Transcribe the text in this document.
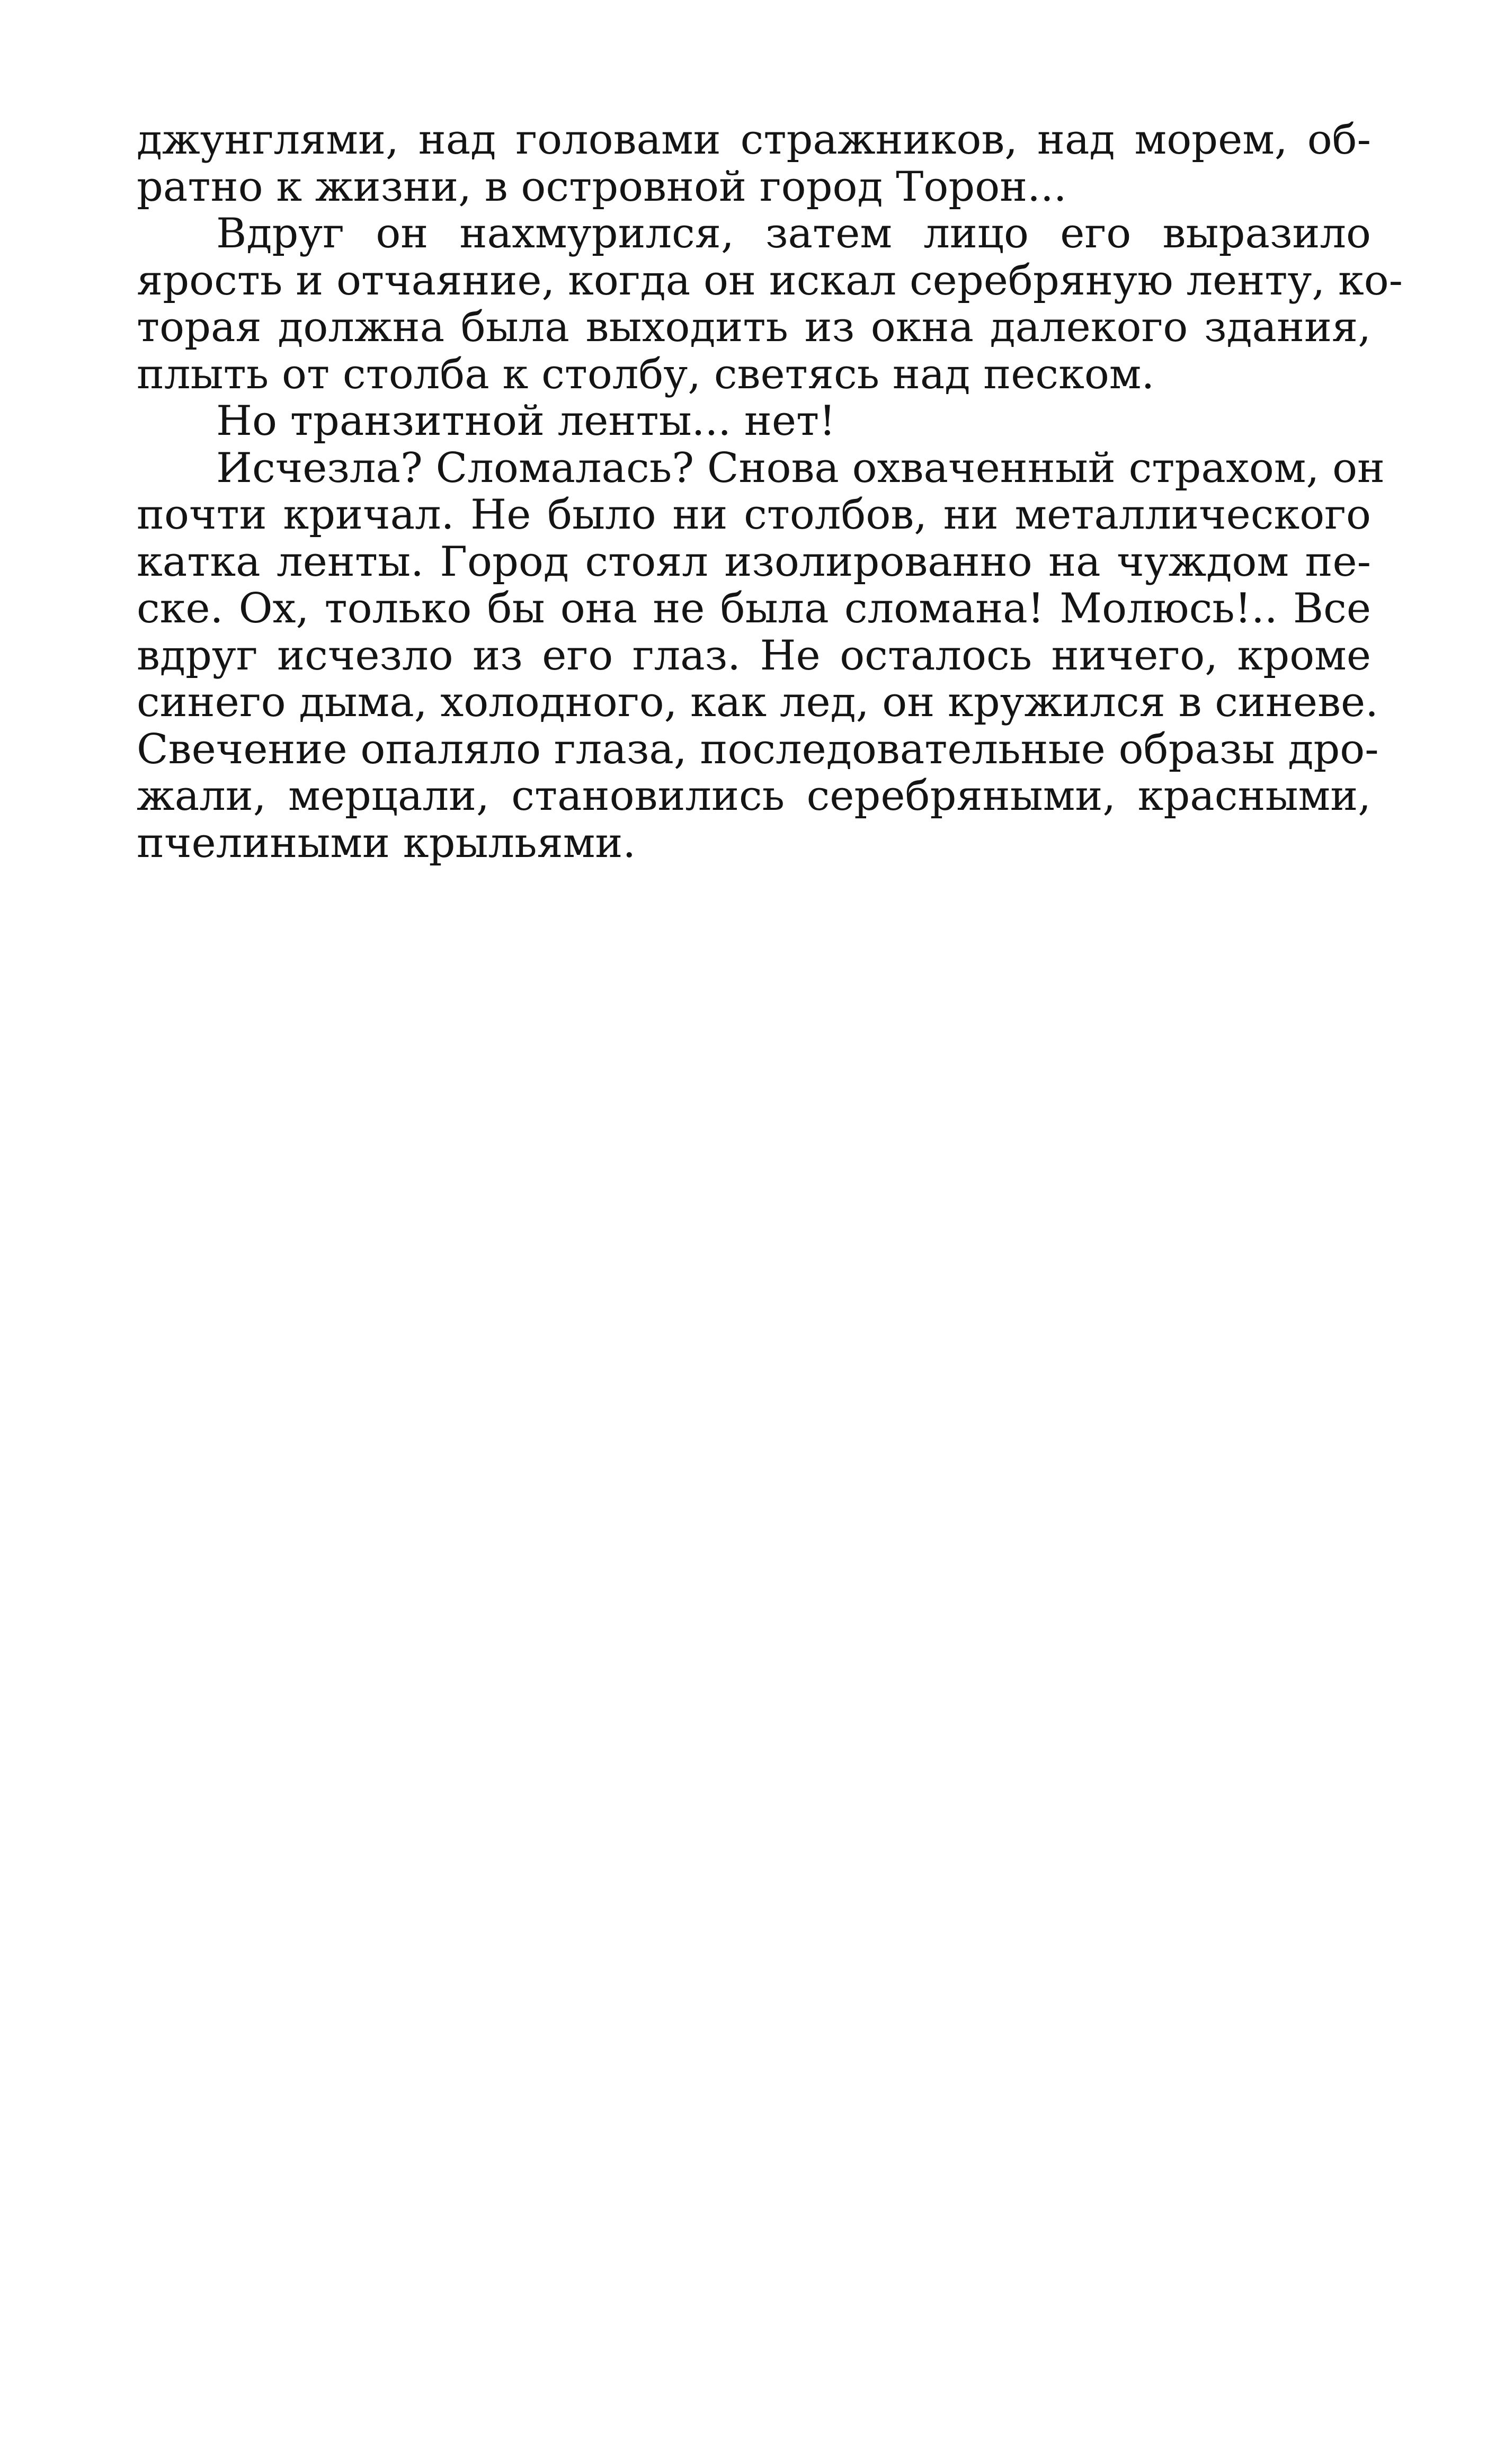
джунглями, над головами стражников, над морем, об-
ратно к жизни, в островной город Торон...
Вдруг он нахмурился, затем лицо его выразило
ярость и отчаяние, когда он искал серебряную ленту, ко-
торая должна была выходить из окна далекого здания,
плыть от столба к столбу, светясь над песком.
Но транзитной ленты... нет!
Исчезла? Сломалась? Снова охваченный страхом, он
почти кричал. Не было ни столбов, ни металлического
катка ленты. Город стоял изолированно на чуждом пе-
ске. Ох, только бы она не была сломана! Молюсь!.. Все
вдруг исчезло из его глаз. Не осталось ничего, кроме
синего дыма, холодного, как лед, он кружился в синеве.
Свечение опаляло глаза, последовательные образы дро-
жали, мерцали, становились серебряными, красными,
пчелиными крыльями.
